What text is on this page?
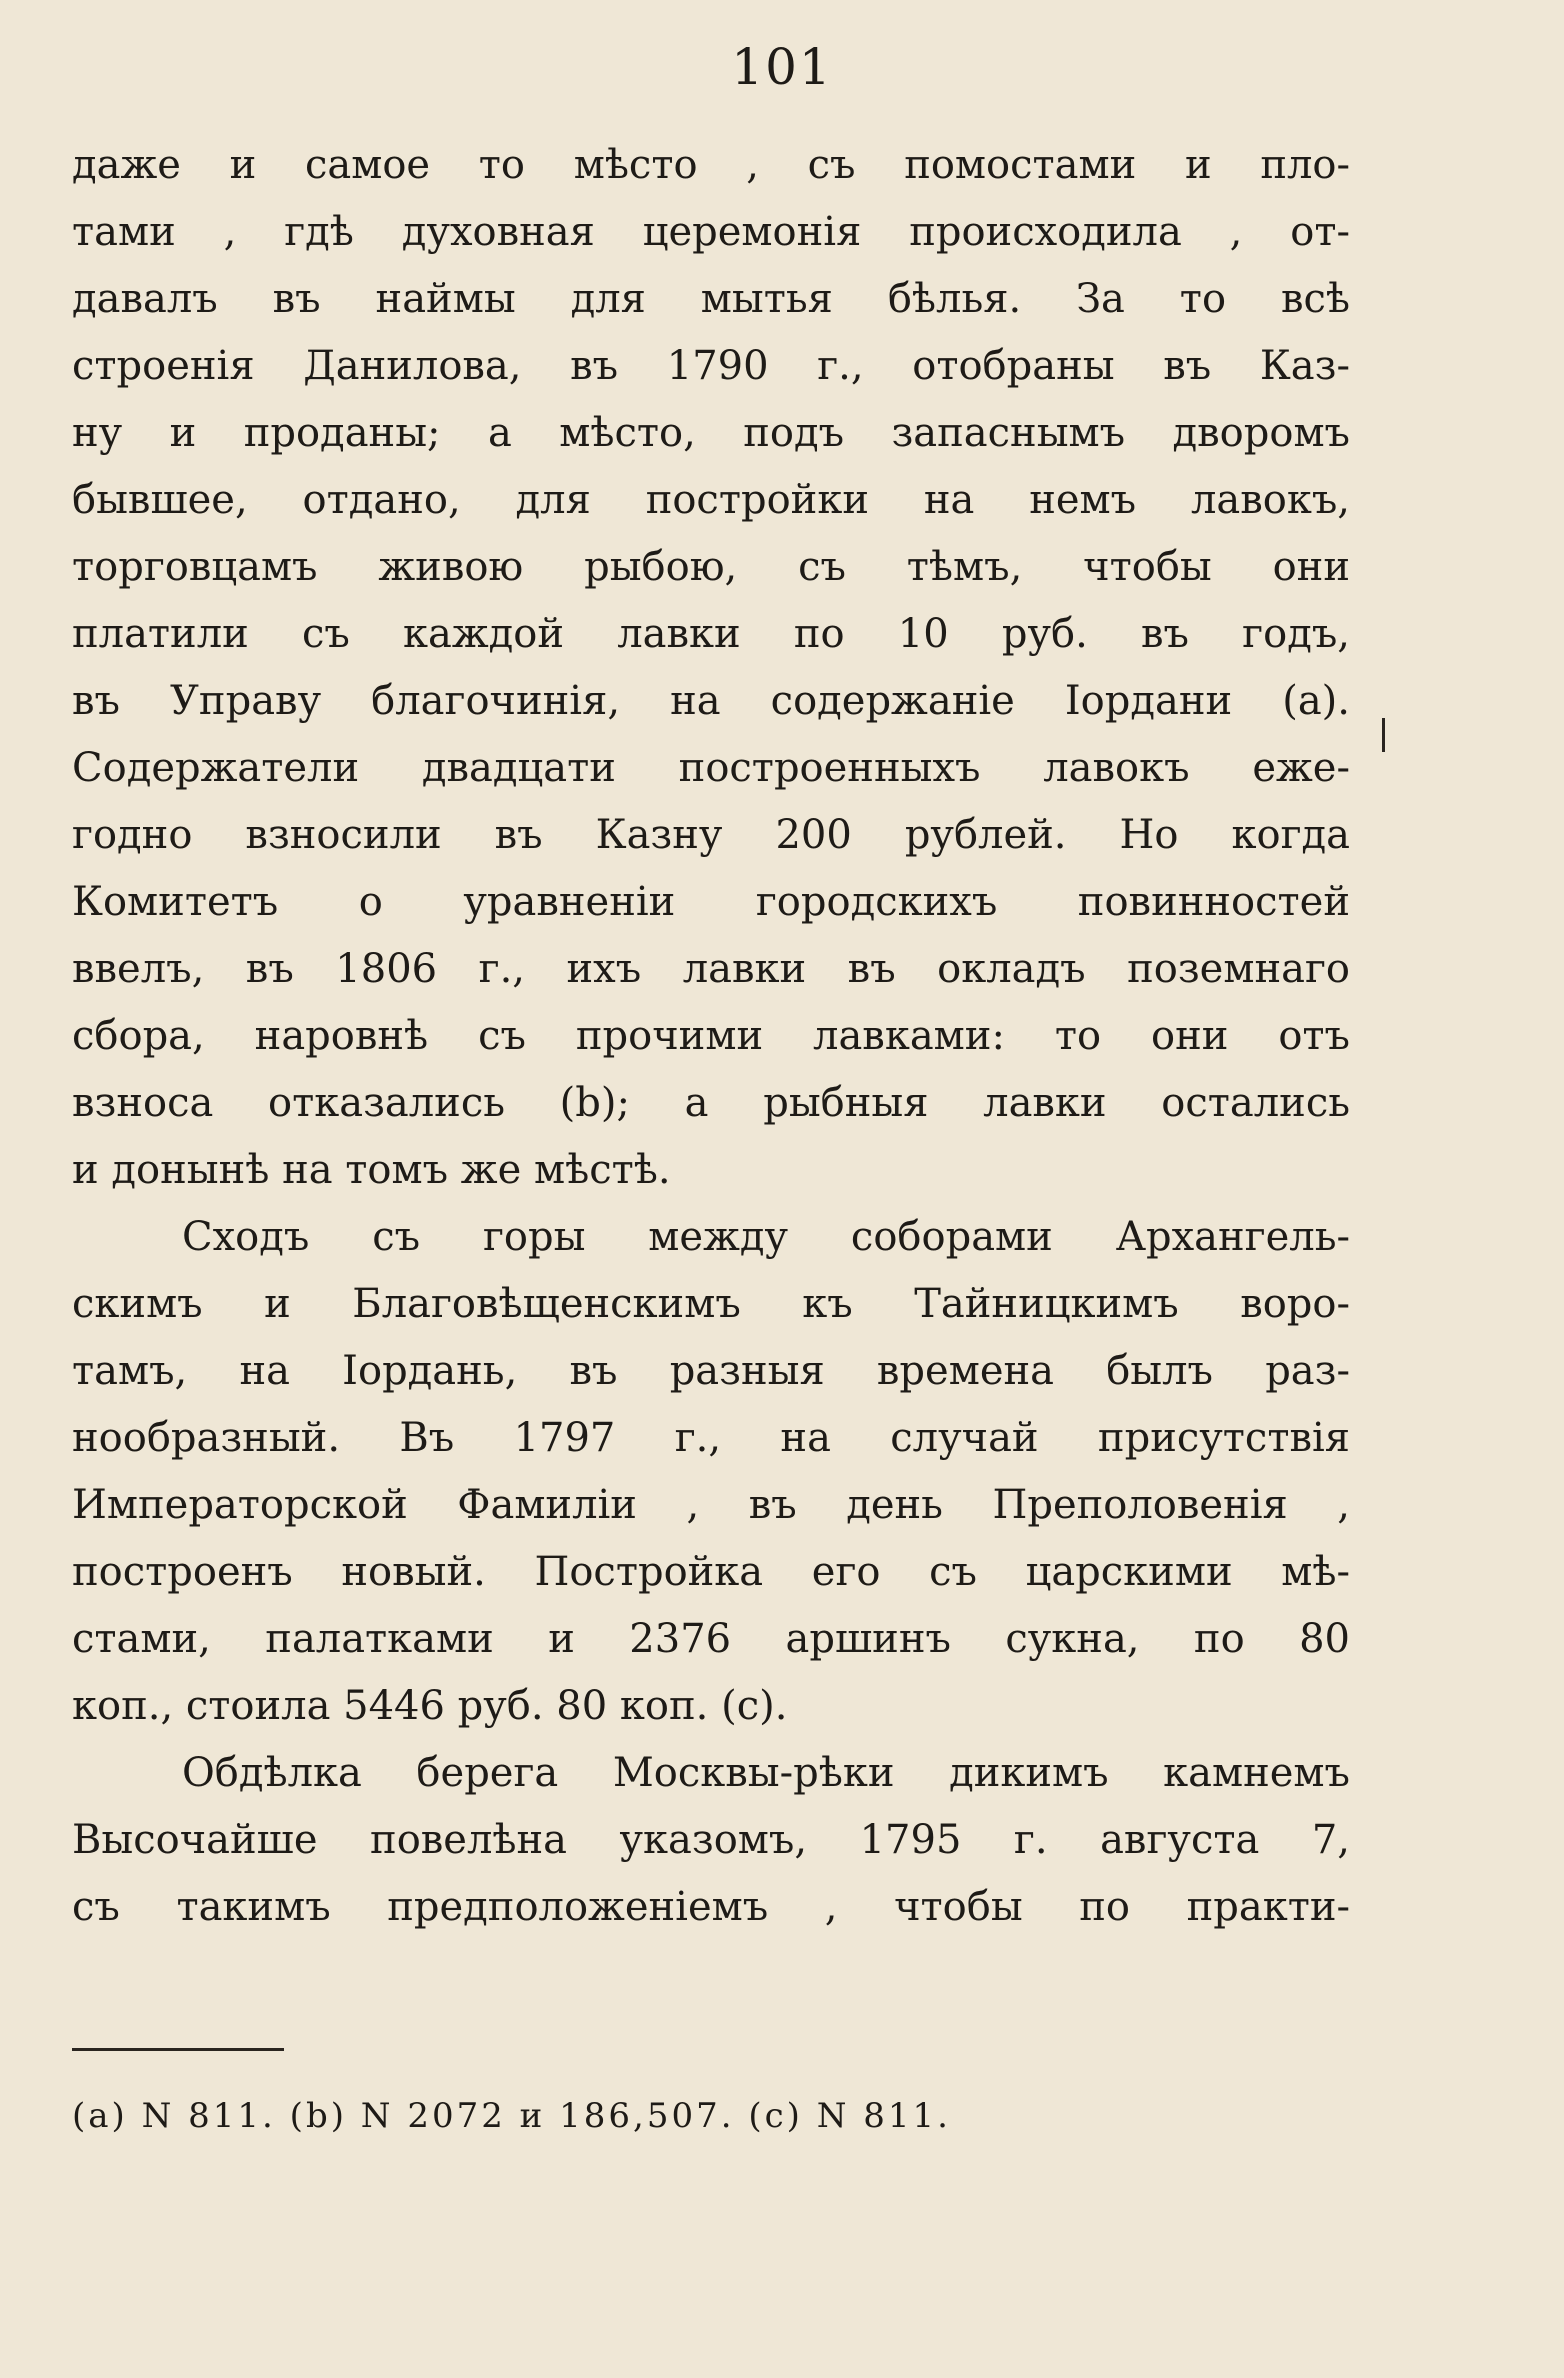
101
даже и самое то мѣсто , съ помостами и пло-
тами , гдѣ духовная церемонія происходила , от-
давалъ въ наймы для мытья бѣлья. За то всѣ
строенія Данилова, въ 1790 г., отобраны въ Каз-
ну и проданы; а мѣсто, подъ запаснымъ дворомъ
бывшее, отдано, для постройки на немъ лавокъ,
торговцамъ живою рыбою, съ тѣмъ, чтобы они
платили съ каждой лавки по 10 руб. въ годъ,
въ Управу благочинія, на содержаніе Іордани (а).
Содержатели двадцати построенныхъ лавокъ еже-
годно взносили въ Казну 200 рублей. Но когда
Комитетъ о уравненіи городскихъ повинностей
ввелъ, въ 1806 г., ихъ лавки въ окладъ поземнаго
сбора, наровнѣ съ прочими лавками: то они отъ
взноса отказались (b); а рыбныя лавки остались
и донынѣ на томъ же мѣстѣ.
Сходъ съ горы между соборами Архангель-
скимъ и Благовѣщенскимъ къ Тайницкимъ воро-
тамъ, на Іордань, въ разныя времена былъ раз-
нообразный. Въ 1797 г., на случай присутствія
Императорской Фамиліи , въ день Преполовенія ,
построенъ новый. Постройка его съ царскими мѣ-
стами, палатками и 2376 аршинъ сукна, по 80
коп., стоила 5446 руб. 80 коп. (с).
Обдѣлка берега Москвы-рѣки дикимъ камнемъ
Высочайше повелѣна указомъ, 1795 г. августа 7,
съ такимъ предположеніемъ , чтобы по практи-
(a) N 811. (b) N 2072 и 186,507. (c) N 811.
